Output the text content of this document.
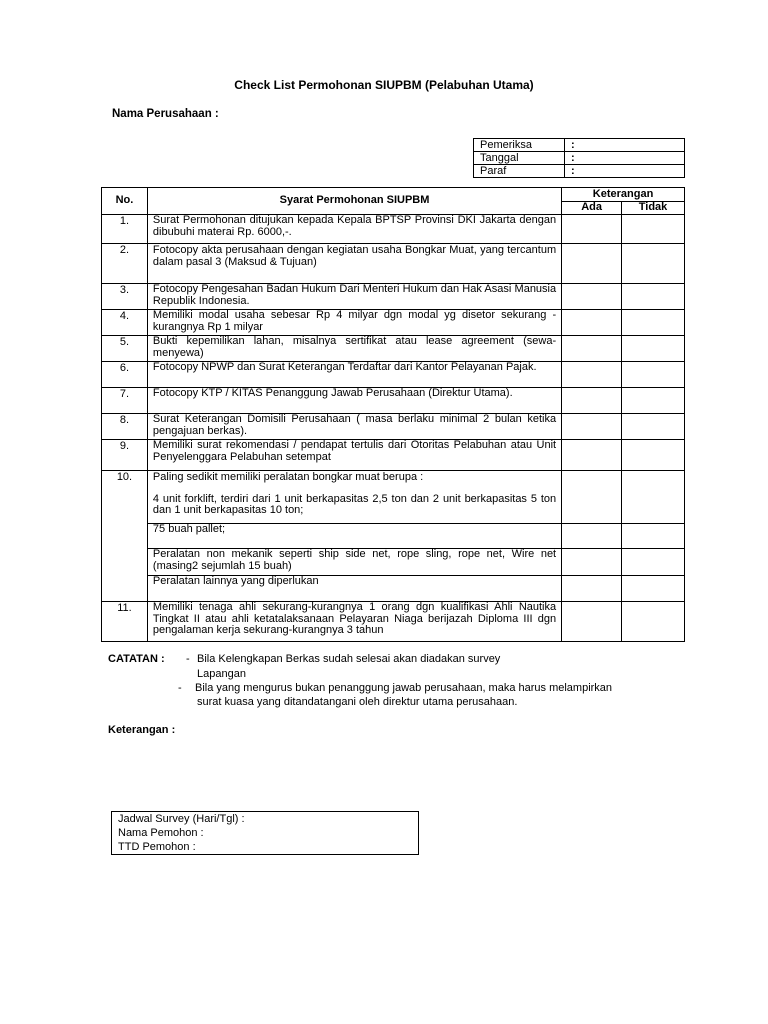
Check List Permohonan SIUPBM (Pelabuhan Utama)
Nama Perusahaan :
Pemeriksa	:
Tanggal	:
Paraf	:
No.	Syarat Permohonan SIUPBM	Keterangan	
		Ada	Tidak
1.	Surat Permohonan ditujukan kepada Kepala BPTSP Provinsi DKI Jakarta dengan dibubuhi materai Rp. 6000,-.		
2.	Fotocopy akta perusahaan dengan kegiatan usaha Bongkar Muat, yang tercantum dalam pasal 3 (Maksud & Tujuan)		
3.	Fotocopy Pengesahan Badan Hukum Dari Menteri Hukum dan Hak Asasi Manusia Republik Indonesia.		
4.	Memiliki modal usaha sebesar Rp 4 milyar dgn modal yg disetor sekurang - kurangnya Rp 1 milyar		
5.	Bukti kepemilikan lahan, misalnya sertifikat atau lease agreement (sewa-menyewa)		
6.	Fotocopy NPWP dan Surat Keterangan Terdaftar dari Kantor Pelayanan Pajak.		
7.	Fotocopy KTP / KITAS Penanggung Jawab Perusahaan (Direktur Utama).		
8.	Surat Keterangan Domisili Perusahaan ( masa berlaku minimal 2 bulan ketika pengajuan berkas).		
9.	Memiliki surat rekomendasi / pendapat tertulis dari Otoritas Pelabuhan atau Unit Penyelenggara Pelabuhan setempat		
10.	Paling sedikit memiliki peralatan bongkar muat berupa :
4 unit forklift, terdiri dari 1 unit berkapasitas 2,5 ton dan 2 unit berkapasitas 5 ton dan 1 unit berkapasitas 10 ton;		
	75 buah pallet;		
	Peralatan non mekanik seperti ship side net, rope sling, rope net, Wire net (masing2 sejumlah 15 buah)		
	Peralatan lainnya yang diperlukan		
11.	Memiliki tenaga ahli sekurang-kurangnya 1 orang dgn kualifikasi Ahli Nautika Tingkat II atau ahli ketatalaksanaan Pelayaran Niaga berijazah Diploma III dgn pengalaman kerja sekurang-kurangnya 3 tahun		
CATATAN : - Bila Kelengkapan Berkas sudah selesai akan diadakan survey
Lapangan
- Bila yang mengurus bukan penanggung jawab perusahaan, maka harus melampirkan
surat kuasa yang ditandatangani oleh direktur utama perusahaan.
Keterangan :
Jadwal Survey (Hari/Tgl) :
Nama Pemohon :
TTD Pemohon :
